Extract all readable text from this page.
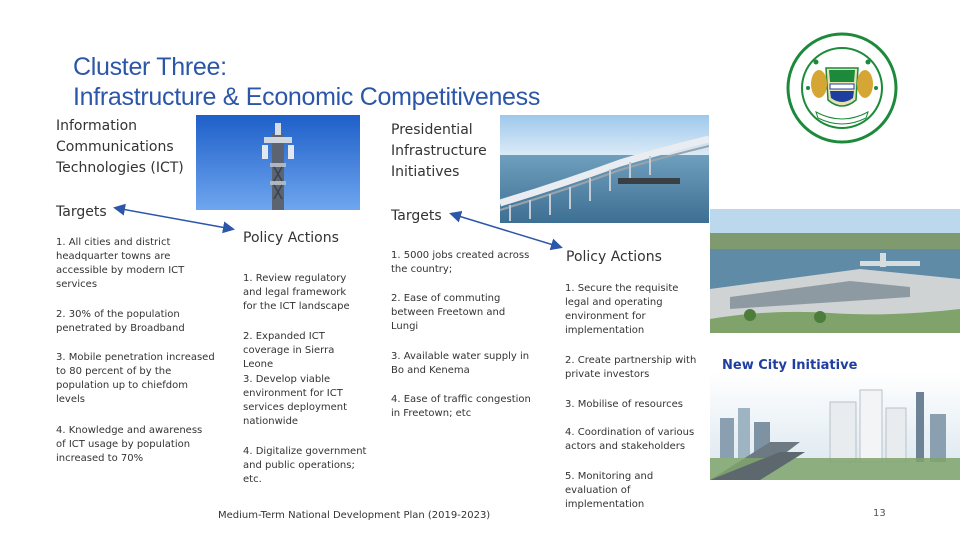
Cluster Three:
Infrastructure & Economic Competitiveness
Information
Communications
Technologies (ICT)
Presidential
Infrastructure
Initiatives
Targets	Targets
1. All cities and district headquarter towns are accessible by modern ICT services
2. 30% of the population penetrated by Broadband
3. Mobile penetration increased to 80 percent of by the population up to chiefdom levels
4. Knowledge and awareness of ICT usage by population increased to 70%
Policy Actions
1. Review regulatory and legal framework for the ICT landscape
2. Expanded ICT coverage in Sierra Leone
3. Develop viable environment for ICT services deployment nationwide
4. Digitalize government and public operations; etc.
1. 5000 jobs created across the country;
2. Ease of commuting between Freetown and Lungi
3. Available water supply in Bo and Kenema
4. Ease of traffic congestion in Freetown; etc
Policy Actions
1. Secure the requisite legal and operating environment for implementation
2. Create partnership with private investors
3. Mobilise of resources
4. Coordination of various actors and stakeholders
5. Monitoring and evaluation of implementation
New City Initiative
Medium-Term National Development Plan (2019-2023)	13
